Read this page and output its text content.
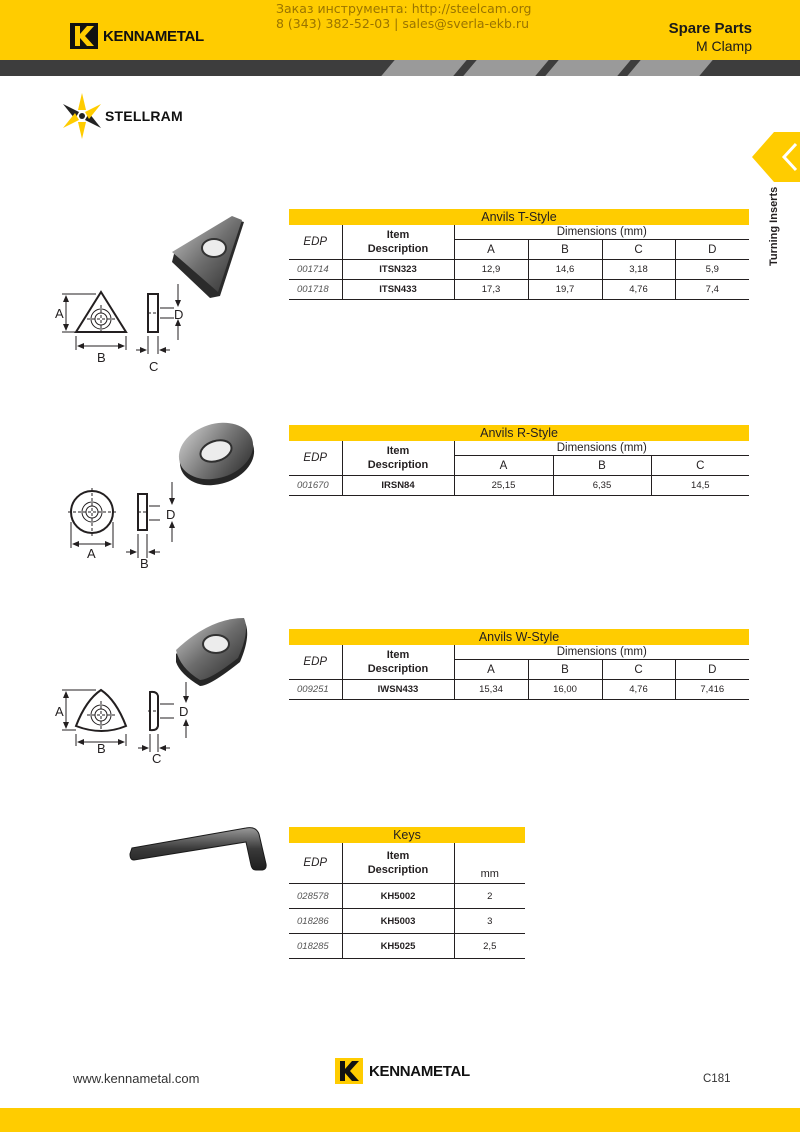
KENNAMETAL
Заказ инструмента: http://steelcam.org
8 (343) 382-52-03 | sales@sverla-ekb.ru	Spare Parts
M Clamp
STELLRAM
Turning Inserts
A
B
C
D
Anvils T-Style					
EDP	Item
Description	Dimensions (mm)			
		A	B	C	D
001714	ITSN323	12,9	14,6	3,18	5,9
001718	ITSN433	17,3	19,7	4,76	7,4
A
B
D
Anvils R-Style				
EDP	Item
Description	Dimensions (mm)		
		A	B	C
001670	IRSN84	25,15	6,35	14,5
A
B
C
D
Anvils W-Style					
EDP	Item
Description	Dimensions (mm)			
		A	B	C	D
009251	IWSN433	15,34	16,00	4,76	7,416
Keys		
EDP	Item
Description	mm
028578	KH5002	2
018286	KH5003	3
018285	KH5025	2,5
www.kennametal.com	KENNAMETAL	C181
